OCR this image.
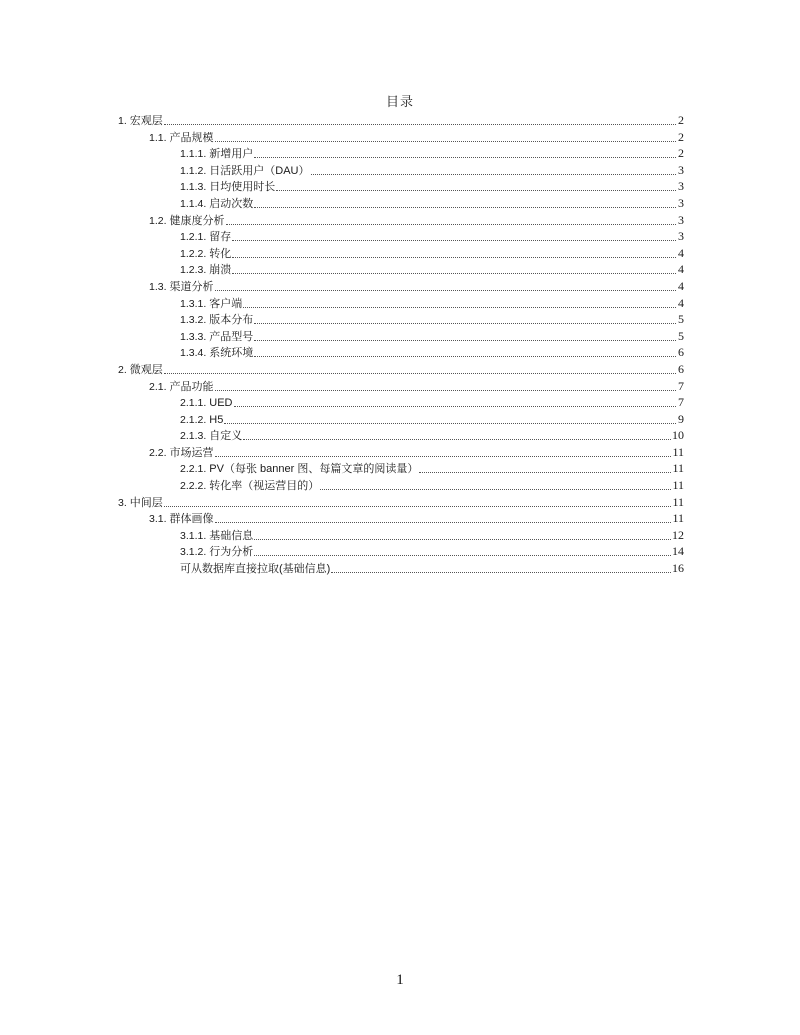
目录
1. 宏观层	2
1.1. 产品规模	2
1.1.1. 新增用户	2
1.1.2. 日活跃用户（DAU）	3
1.1.3. 日均使用时长	3
1.1.4. 启动次数	3
1.2. 健康度分析	3
1.2.1. 留存	3
1.2.2. 转化	4
1.2.3. 崩溃	4
1.3. 渠道分析	4
1.3.1. 客户端	4
1.3.2. 版本分布	5
1.3.3. 产品型号	5
1.3.4. 系统环境	6
2. 微观层	6
2.1. 产品功能	7
2.1.1. UED	7
2.1.2. H5	9
2.1.3. 自定义	10
2.2. 市场运营	11
2.2.1. PV（每张 banner 图、每篇文章的阅读量）	11
2.2.2. 转化率（视运营目的）	11
3. 中间层	11
3.1. 群体画像	11
3.1.1. 基础信息	12
3.1.2. 行为分析	14
可从数据库直接拉取(基础信息)	16
1
